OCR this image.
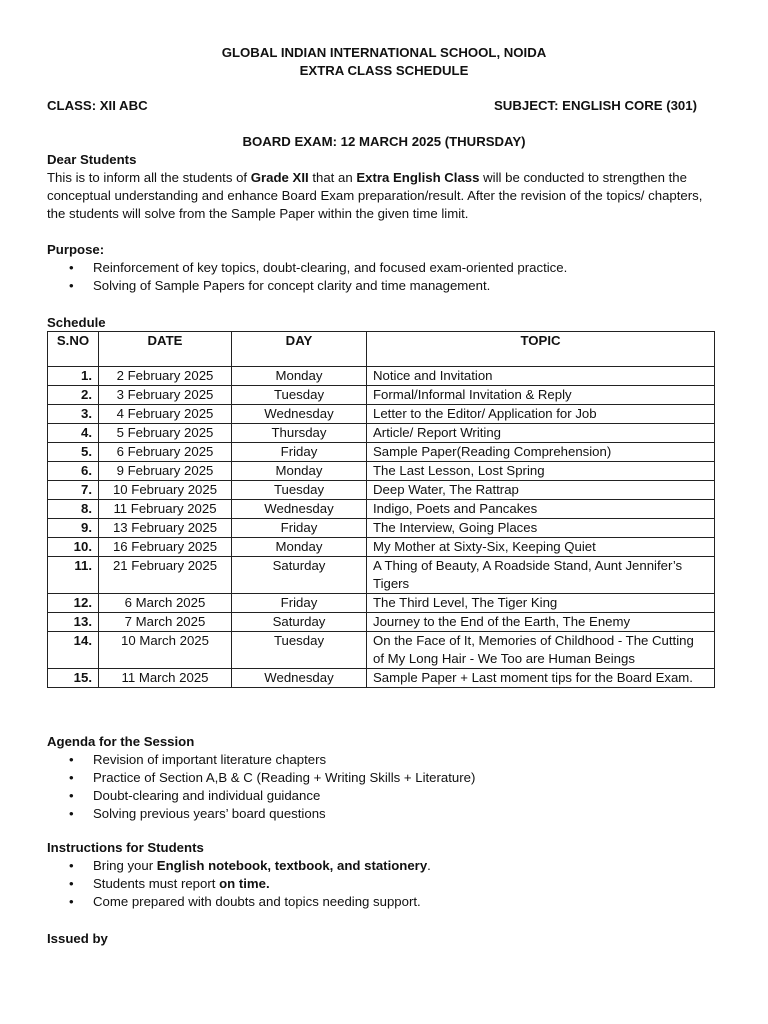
GLOBAL INDIAN INTERNATIONAL SCHOOL, NOIDA
EXTRA CLASS SCHEDULE
CLASS: XII ABC	SUBJECT: ENGLISH CORE (301)
BOARD EXAM: 12 MARCH 2025 (THURSDAY)
Dear Students
This is to inform all the students of Grade XII that an Extra English Class will be conducted to strengthen the conceptual understanding and enhance Board Exam preparation/result. After the revision of the topics/ chapters, the students will solve from the Sample Paper within the given time limit.
Purpose:
• Reinforcement of key topics, doubt-clearing, and focused exam-oriented practice.
• Solving of Sample Papers for concept clarity and time management.
Schedule
S.NO	DATE	DAY	TOPIC
1.	2 February 2025	Monday	Notice and Invitation
2.	3 February 2025	Tuesday	Formal/Informal Invitation & Reply
3.	4 February 2025	Wednesday	Letter to the Editor/ Application for Job
4.	5 February 2025	Thursday	Article/ Report Writing
5.	6 February 2025	Friday	Sample Paper(Reading Comprehension)
6.	9 February 2025	Monday	The Last Lesson, Lost Spring
7.	10 February 2025	Tuesday	Deep Water, The Rattrap
8.	11 February 2025	Wednesday	Indigo, Poets and Pancakes
9.	13 February 2025	Friday	The Interview, Going Places
10.	16 February 2025	Monday	My Mother at Sixty-Six, Keeping Quiet
11.	21 February 2025	Saturday	A Thing of Beauty, A Roadside Stand, Aunt Jennifer’s Tigers
12.	6 March 2025	Friday	The Third Level, The Tiger King
13.	7 March 2025	Saturday	Journey to the End of the Earth, The Enemy
14.	10 March 2025	Tuesday	On the Face of It, Memories of Childhood - The Cutting of My Long Hair - We Too are Human Beings
15.	11 March 2025	Wednesday	Sample Paper + Last moment tips for the Board Exam.
Agenda for the Session
• Revision of important literature chapters
• Practice of Section A,B & C (Reading + Writing Skills + Literature)
• Doubt-clearing and individual guidance
• Solving previous years’ board questions
Instructions for Students
• Bring your English notebook, textbook, and stationery.
• Students must report on time.
• Come prepared with doubts and topics needing support.
Issued by
